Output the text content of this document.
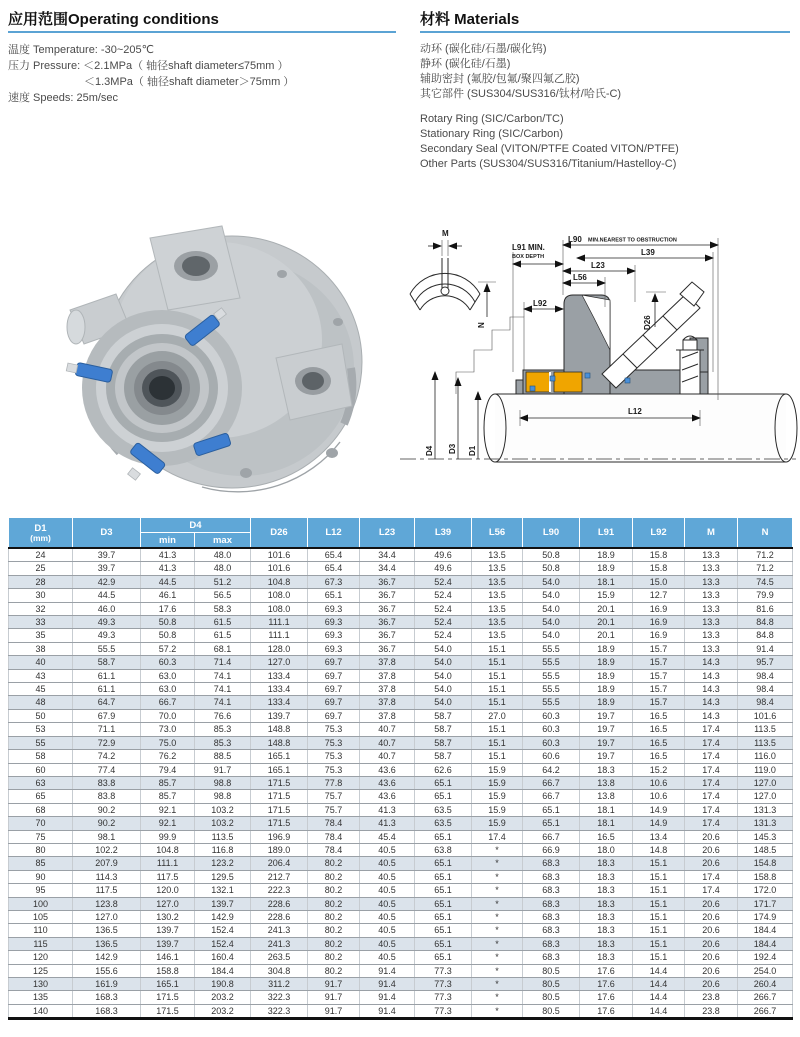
应用范围Operating conditions
温度 Temperature: -30~205℃
压力 Pressure: ＜2.1MPa（ 轴径shaft diameter≤75mm ）
＜1.3MPa（ 轴径shaft diameter＞75mm ）
速度 Speeds: 25m/sec
材料 Materials
动环 (碳化硅/石墨/碳化钨)
静环 (碳化硅/石墨)
辅助密封 (氟胶/包氟/聚四氟乙胶)
其它部件 (SUS304/SUS316/钛材/哈氏-C)
Rotary Ring (SIC/Carbon/TC)
Stationary Ring (SIC/Carbon)
Secondary Seal (VITON/PTFE Coated VITON/PTFE)
Other Parts (SUS304/SUS316/Titanium/Hastelloy-C)
L90 MIN.NEAREST TO OBSTRUCTION
L91 MIN.
BOX DEPTH	L39
L23
L56
L92
D26
L12
D4 D3 D1
M
N
D1
(mm)	D3	D4		D26	L12	L23	L39	L56	L90	L91	L92	M	N
		min	max										
24	39.7	41.3	48.0	101.6	65.4	34.4	49.6	13.5	50.8	18.9	15.8	13.3	71.2
25	39.7	41.3	48.0	101.6	65.4	34.4	49.6	13.5	50.8	18.9	15.8	13.3	71.2
28	42.9	44.5	51.2	104.8	67.3	36.7	52.4	13.5	54.0	18.1	15.0	13.3	74.5
30	44.5	46.1	56.5	108.0	65.1	36.7	52.4	13.5	54.0	15.9	12.7	13.3	79.9
32	46.0	17.6	58.3	108.0	69.3	36.7	52.4	13.5	54.0	20.1	16.9	13.3	81.6
33	49.3	50.8	61.5	111.1	69.3	36.7	52.4	13.5	54.0	20.1	16.9	13.3	84.8
35	49.3	50.8	61.5	111.1	69.3	36.7	52.4	13.5	54.0	20.1	16.9	13.3	84.8
38	55.5	57.2	68.1	128.0	69.3	36.7	54.0	15.1	55.5	18.9	15.7	13.3	91.4
40	58.7	60.3	71.4	127.0	69.7	37.8	54.0	15.1	55.5	18.9	15.7	14.3	95.7
43	61.1	63.0	74.1	133.4	69.7	37.8	54.0	15.1	55.5	18.9	15.7	14.3	98.4
45	61.1	63.0	74.1	133.4	69.7	37.8	54.0	15.1	55.5	18.9	15.7	14.3	98.4
48	64.7	66.7	74.1	133.4	69.7	37.8	54.0	15.1	55.5	18.9	15.7	14.3	98.4
50	67.9	70.0	76.6	139.7	69.7	37.8	58.7	27.0	60.3	19.7	16.5	14.3	101.6
53	71.1	73.0	85.3	148.8	75.3	40.7	58.7	15.1	60.3	19.7	16.5	17.4	113.5
55	72.9	75.0	85.3	148.8	75.3	40.7	58.7	15.1	60.3	19.7	16.5	17.4	113.5
58	74.2	76.2	88.5	165.1	75.3	40.7	58.7	15.1	60.6	19.7	16.5	17.4	116.0
60	77.4	79.4	91.7	165.1	75.3	43.6	62.6	15.9	64.2	18.3	15.2	17.4	119.0
63	83.8	85.7	98.8	171.5	77.8	43.6	65.1	15.9	66.7	13.8	10.6	17.4	127.0
65	83.8	85.7	98.8	171.5	75.7	43.6	65.1	15.9	66.7	13.8	10.6	17.4	127.0
68	90.2	92.1	103.2	171.5	75.7	41.3	63.5	15.9	65.1	18.1	14.9	17.4	131.3
70	90.2	92.1	103.2	171.5	78.4	41.3	63.5	15.9	65.1	18.1	14.9	17.4	131.3
75	98.1	99.9	113.5	196.9	78.4	45.4	65.1	17.4	66.7	16.5	13.4	20.6	145.3
80	102.2	104.8	116.8	189.0	78.4	40.5	63.8	*	66.9	18.0	14.8	20.6	148.5
85	207.9	111.1	123.2	206.4	80.2	40.5	65.1	*	68.3	18.3	15.1	20.6	154.8
90	114.3	117.5	129.5	212.7	80.2	40.5	65.1	*	68.3	18.3	15.1	17.4	158.8
95	117.5	120.0	132.1	222.3	80.2	40.5	65.1	*	68.3	18.3	15.1	17.4	172.0
100	123.8	127.0	139.7	228.6	80.2	40.5	65.1	*	68.3	18.3	15.1	20.6	171.7
105	127.0	130.2	142.9	228.6	80.2	40.5	65.1	*	68.3	18.3	15.1	20.6	174.9
110	136.5	139.7	152.4	241.3	80.2	40.5	65.1	*	68.3	18.3	15.1	20.6	184.4
115	136.5	139.7	152.4	241.3	80.2	40.5	65.1	*	68.3	18.3	15.1	20.6	184.4
120	142.9	146.1	160.4	263.5	80.2	40.5	65.1	*	68.3	18.3	15.1	20.6	192.4
125	155.6	158.8	184.4	304.8	80.2	91.4	77.3	*	80.5	17.6	14.4	20.6	254.0
130	161.9	165.1	190.8	311.2	91.7	91.4	77.3	*	80.5	17.6	14.4	20.6	260.4
135	168.3	171.5	203.2	322.3	91.7	91.4	77.3	*	80.5	17.6	14.4	23.8	266.7
140	168.3	171.5	203.2	322.3	91.7	91.4	77.3	*	80.5	17.6	14.4	23.8	266.7
